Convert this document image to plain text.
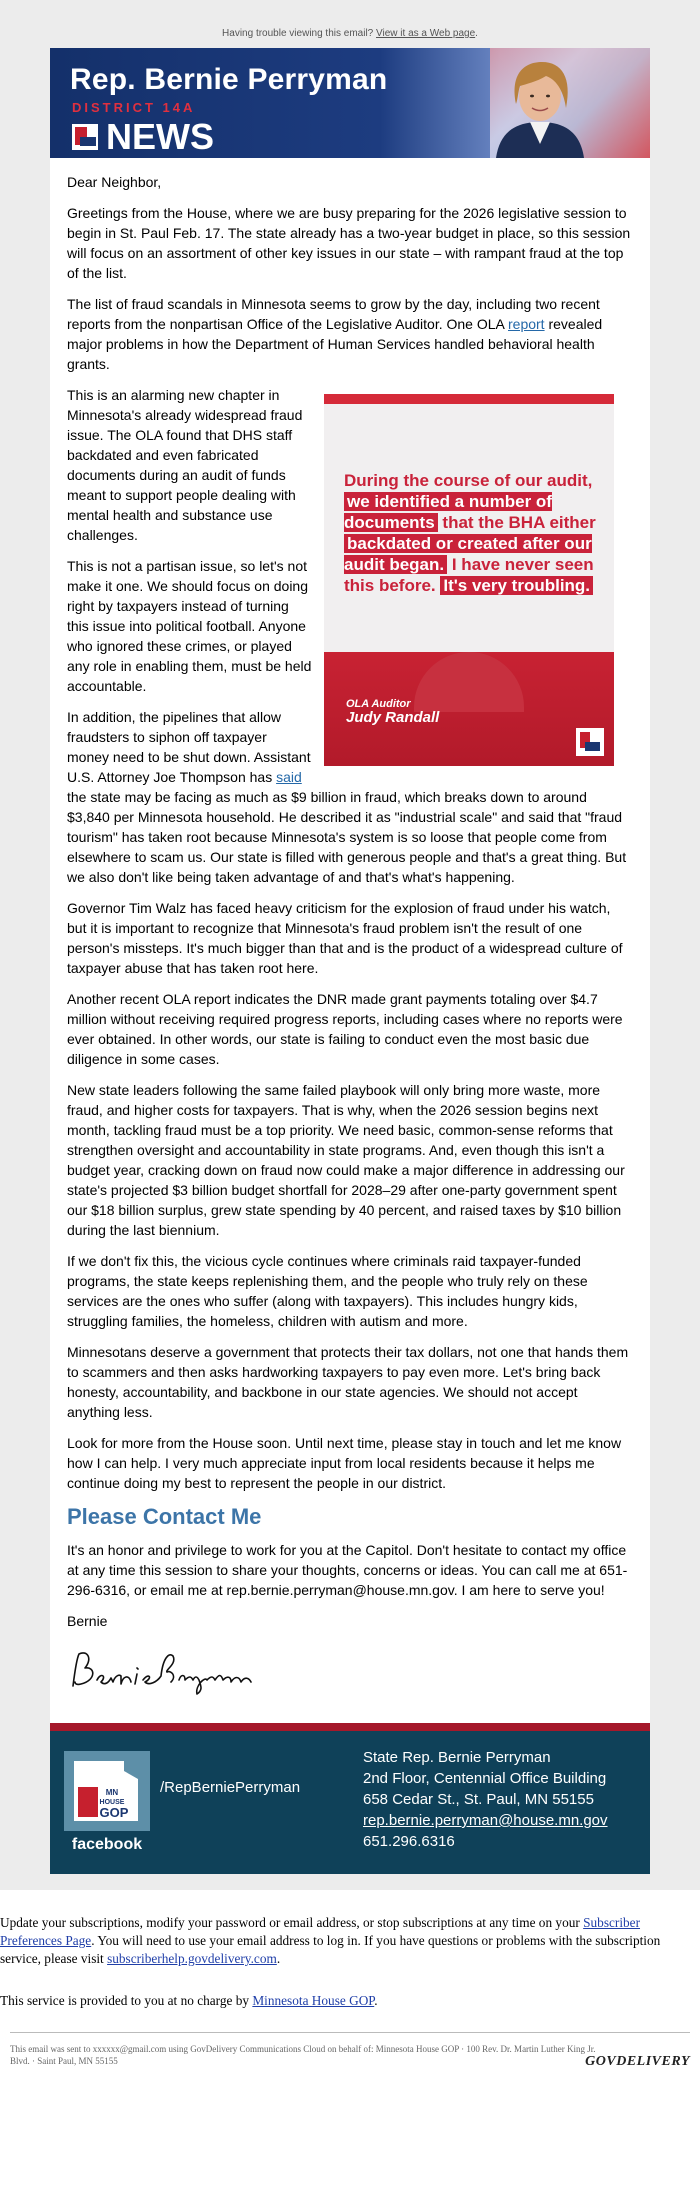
Having trouble viewing this email? View it as a Web page.
Rep. Bernie Perryman
DISTRICT 14A
NEWS

Dear Neighbor,

Greetings from the House, where we are busy preparing for the 2026 legislative session to begin in St. Paul Feb. 17. The state already has a two-year budget in place, so this session will focus on an assortment of other key issues in our state – with rampant fraud at the top of the list.

The list of fraud scandals in Minnesota seems to grow by the day, including two recent reports from the nonpartisan Office of the Legislative Auditor. One OLA report revealed major problems in how the Department of Human Services handled behavioral health grants.

During the course of our audit, we identified a number of documents that the BHA either backdated or created after our audit began. I have never seen this before. It's very troubling.
OLA Auditor
Judy Randall

This is an alarming new chapter in Minnesota's already widespread fraud issue. The OLA found that DHS staff backdated and even fabricated documents during an audit of funds meant to support people dealing with mental health and substance use challenges.

This is not a partisan issue, so let's not make it one. We should focus on doing right by taxpayers instead of turning this issue into political football. Anyone who ignored these crimes, or played any role in enabling them, must be held accountable.

In addition, the pipelines that allow fraudsters to siphon off taxpayer money need to be shut down. Assistant U.S. Attorney Joe Thompson has said the state may be facing as much as $9 billion in fraud, which breaks down to around $3,840 per Minnesota household. He described it as "industrial scale" and said that "fraud tourism" has taken root because Minnesota's system is so loose that people come from elsewhere to scam us. Our state is filled with generous people and that's a great thing. But we also don't like being taken advantage of and that's what's happening.

Governor Tim Walz has faced heavy criticism for the explosion of fraud under his watch, but it is important to recognize that Minnesota's fraud problem isn't the result of one person's missteps. It's much bigger than that and is the product of a widespread culture of taxpayer abuse that has taken root here.

Another recent OLA report indicates the DNR made grant payments totaling over $4.7 million without receiving required progress reports, including cases where no reports were ever obtained. In other words, our state is failing to conduct even the most basic due diligence in some cases.

New state leaders following the same failed playbook will only bring more waste, more fraud, and higher costs for taxpayers. That is why, when the 2026 session begins next month, tackling fraud must be a top priority. We need basic, common-sense reforms that strengthen oversight and accountability in state programs. And, even though this isn't a budget year, cracking down on fraud now could make a major difference in addressing our state's projected $3 billion budget shortfall for 2028–29 after one-party government spent our $18 billion surplus, grew state spending by 40 percent, and raised taxes by $10 billion during the last biennium.

If we don't fix this, the vicious cycle continues where criminals raid taxpayer-funded programs, the state keeps replenishing them, and the people who truly rely on these services are the ones who suffer (along with taxpayers). This includes hungry kids, struggling families, the homeless, children with autism and more.

Minnesotans deserve a government that protects their tax dollars, not one that hands them to scammers and then asks hardworking taxpayers to pay even more. Let's bring back honesty, accountability, and backbone in our state agencies. We should not accept anything less.

Look for more from the House soon. Until next time, please stay in touch and let me know how I can help. I very much appreciate input from local residents because it helps me continue doing my best to represent the people in our district.

Please Contact Me

It's an honor and privilege to work for you at the Capitol. Don't hesitate to contact my office at any time this session to share your thoughts, concerns or ideas. You can call me at 651-296-6316, or email me at rep.bernie.perryman@house.mn.gov. I am here to serve you!

Bernie

MN
HOUSE
GOP
facebook
/RepBerniePerryman
State Rep. Bernie Perryman
2nd Floor, Centennial Office Building
658 Cedar St., St. Paul, MN 55155
rep.bernie.perryman@house.mn.gov
651.296.6316

Update your subscriptions, modify your password or email address, or stop subscriptions at any time on your Subscriber Preferences Page. You will need to use your email address to log in. If you have questions or problems with the subscription service, please visit subscriberhelp.govdelivery.com.

This service is provided to you at no charge by Minnesota House GOP.

This email was sent to xxxxxx@gmail.com using GovDelivery Communications Cloud on behalf of: Minnesota House GOP · 100 Rev. Dr. Martin Luther King Jr. Blvd. · Saint Paul, MN 55155	GOVDELIVERY
